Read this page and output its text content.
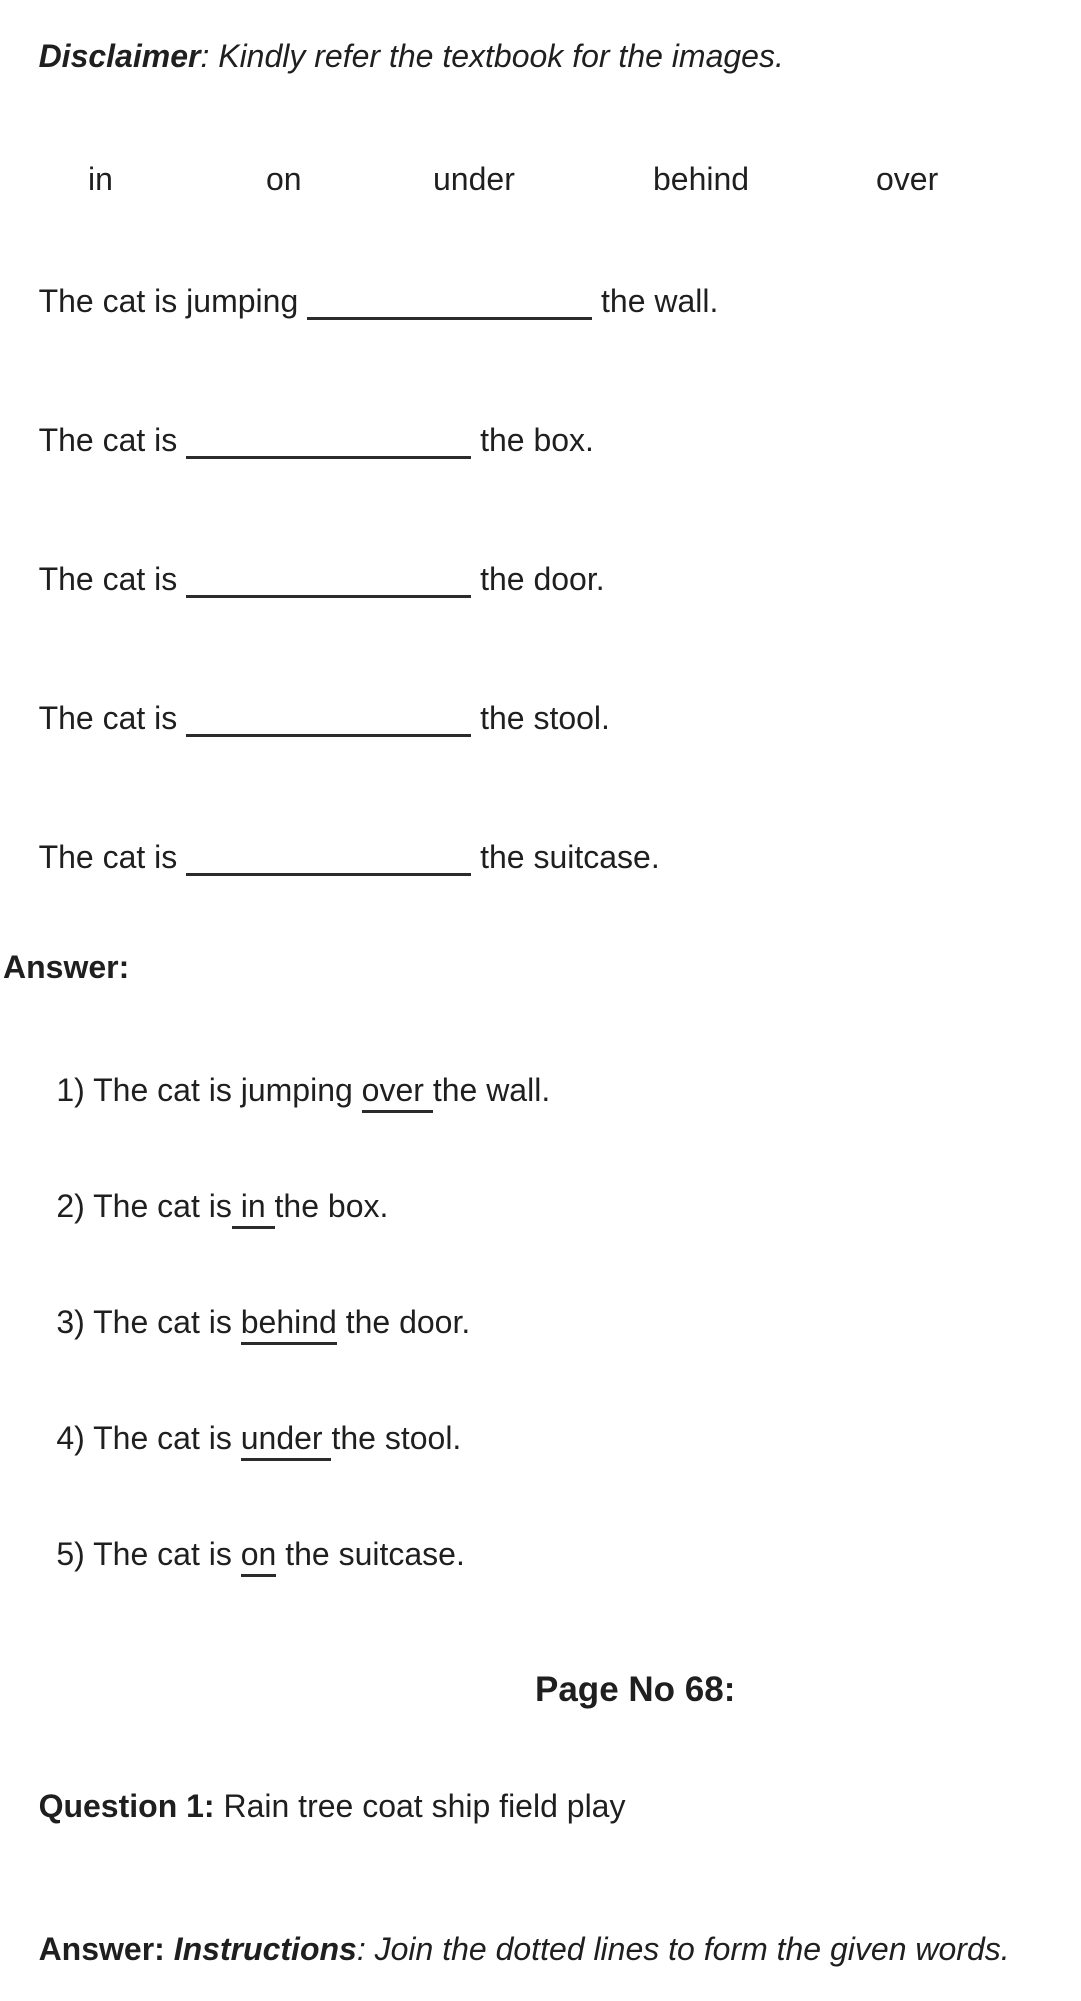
Disclaimer: Kindly refer the textbook for the images.

in	on	under	behind	over

The cat is jumping	the wall.

The cat is	the box.

The cat is	the door.

The cat is	the stool.

The cat is	the suitcase.

Answer:

1) The cat is jumping over the wall.

2) The cat is in the box.

3) The cat is behind the door.

4) The cat is under the stool.

5) The cat is on the suitcase.

Page No 68:

Question 1: Rain tree coat ship field play

Answer: Instructions: Join the dotted lines to form the given words.
